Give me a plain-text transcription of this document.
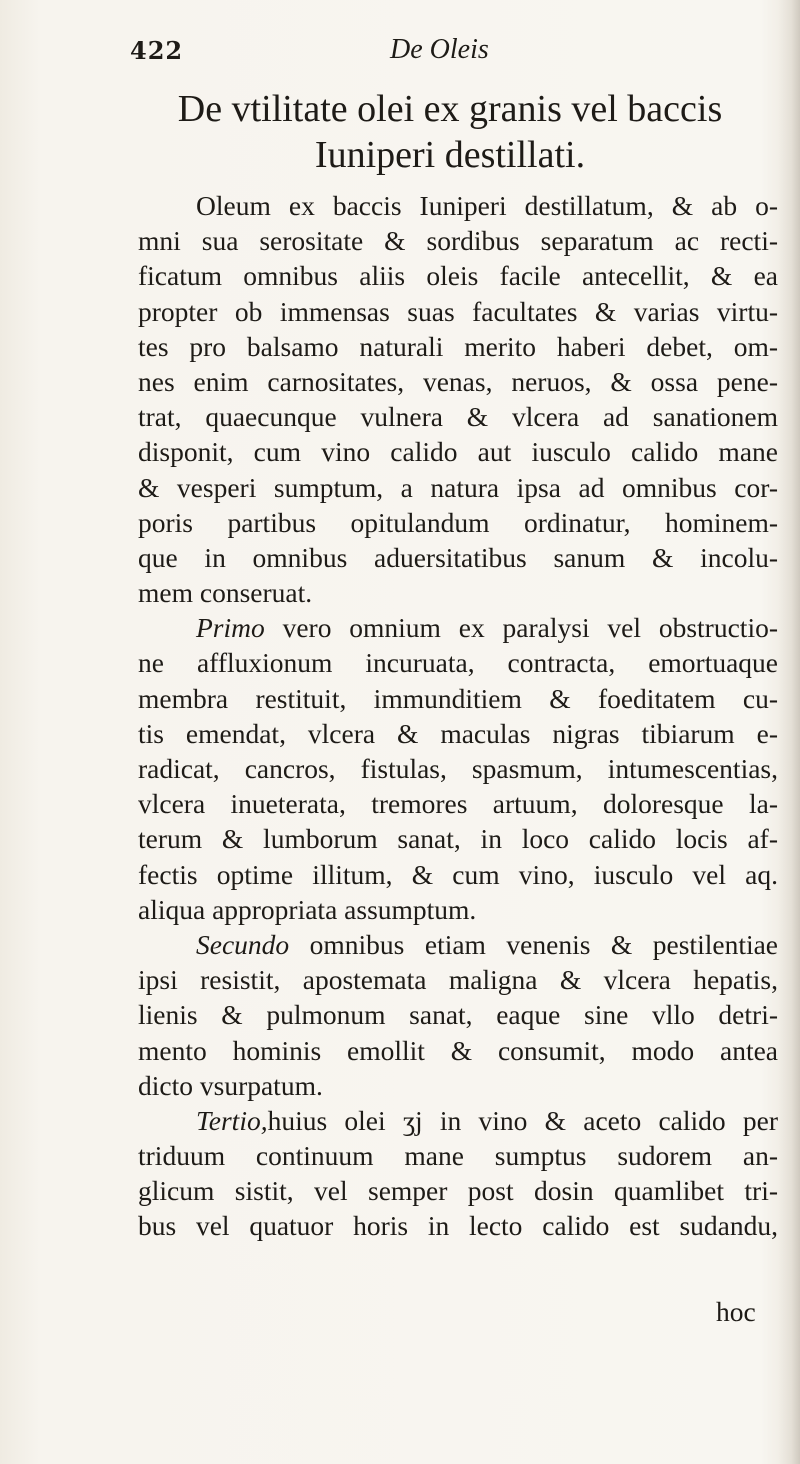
422	De Oleis
De vtilitate olei ex granis vel baccis
Iuniperi destillati.
Oleum ex baccis Iuniperi destillatum, & ab o-
mni sua serositate & sordibus separatum ac recti-
ficatum omnibus aliis oleis facile antecellit, & ea
propter ob immensas suas facultates & varias virtu-
tes pro balsamo naturali merito haberi debet, om-
nes enim carnositates, venas, neruos, & ossa pene-
trat, quaecunque vulnera & vlcera ad sanationem
disponit, cum vino calido aut iusculo calido mane
& vesperi sumptum, a natura ipsa ad omnibus cor-
poris partibus opitulandum ordinatur, hominem-
que in omnibus aduersitatibus sanum & incolu-
mem conseruat.
Primo vero omnium ex paralysi vel obstructio-
ne affluxionum incuruata, contracta, emortuaque
membra restituit, immunditiem & foeditatem cu-
tis emendat, vlcera & maculas nigras tibiarum e-
radicat, cancros, fistulas, spasmum, intumescentias,
vlcera inueterata, tremores artuum, doloresque la-
terum & lumborum sanat, in loco calido locis af-
fectis optime illitum, & cum vino, iusculo vel aq.
aliqua appropriata assumptum.
Secundo omnibus etiam venenis & pestilentiae
ipsi resistit, apostemata maligna & vlcera hepatis,
lienis & pulmonum sanat, eaque sine vllo detri-
mento hominis emollit & consumit, modo antea
dicto vsurpatum.
Tertio,huius olei ʒj in vino & aceto calido per
triduum continuum mane sumptus sudorem an-
glicum sistit, vel semper post dosin quamlibet tri-
bus vel quatuor horis in lecto calido est sudandu,
hoc
